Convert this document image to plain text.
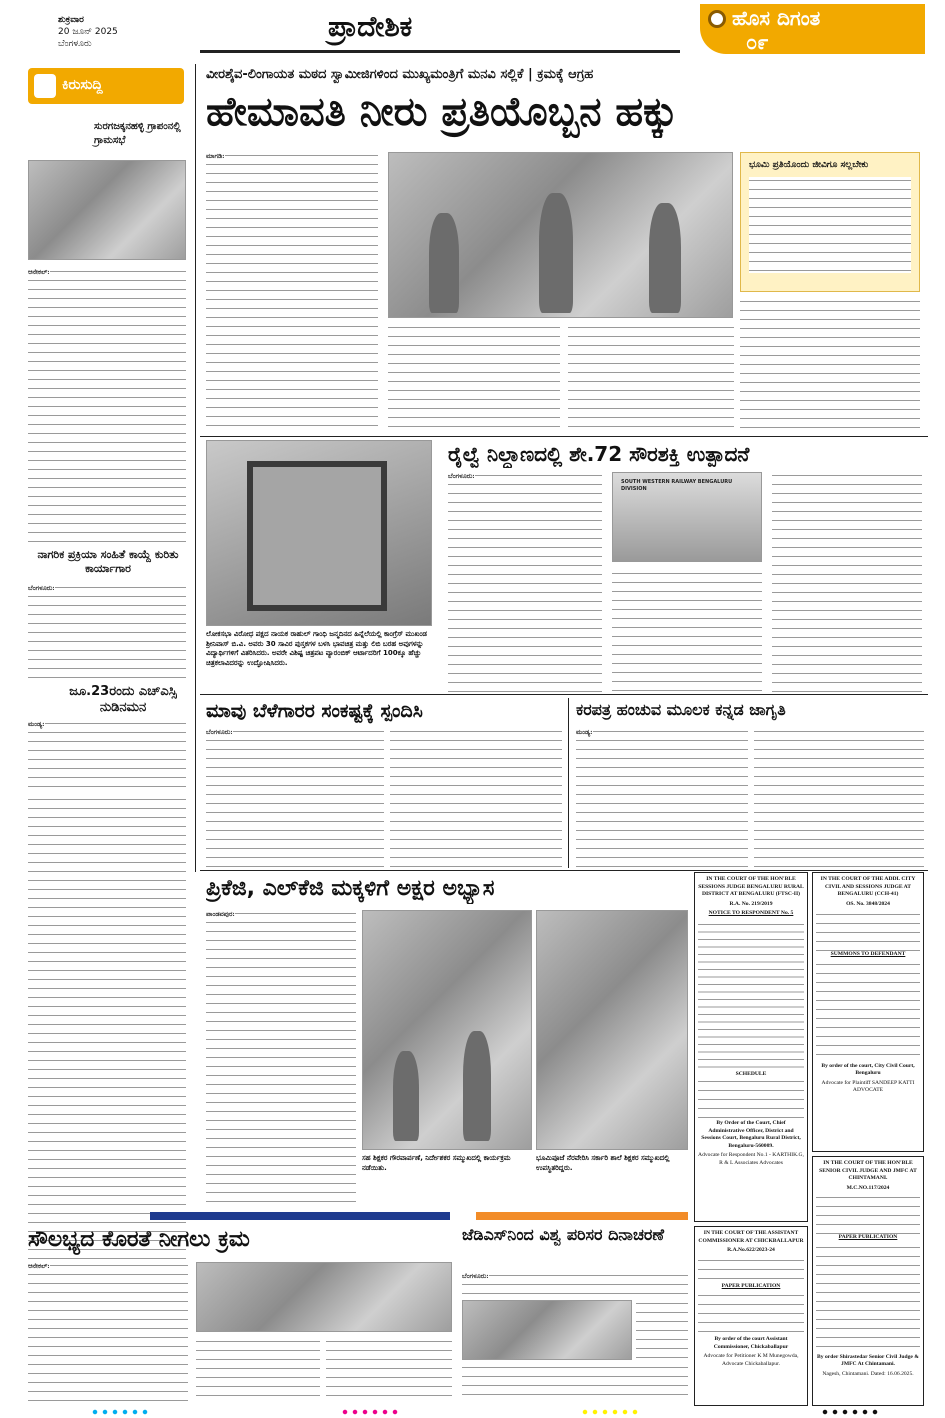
ಶುಕ್ರವಾರ
20 ಜೂನ್ 2025
ಬೆಂಗಳೂರು
ಪ್ರಾದೇಶಿಕ	ಹೊಸ ದಿಗಂತ
೦೯
ಕಿರುಸುದ್ದಿ
ಸುರಗಜಕ್ಕನಹಳ್ಳಿ ಗ್ರಾಪಂನಲ್ಲಿ ಗ್ರಾಮಸಭೆ
ಆನೇಕಲ್:
ನಾಗರಿಕ ಪ್ರಕ್ರಿಯಾ ಸಂಹಿತೆ ಕಾಯ್ದೆ ಕುರಿತು ಕಾರ್ಯಾಗಾರ
ಬೆಂಗಳೂರು:
ಜೂ.23ರಂದು ಎಚ್‌ಎಸ್ಸಿ ನುಡಿನಮನ
ಮಂಡ್ಯ:
ವೀರಶೈವ-ಲಿಂಗಾಯತ ಮಠದ ಸ್ವಾಮೀಜಿಗಳಿಂದ ಮುಖ್ಯಮಂತ್ರಿಗೆ ಮನವಿ ಸಲ್ಲಿಕೆ | ಕ್ರಮಕ್ಕೆ ಆಗ್ರಹ
ಹೇಮಾವತಿ ನೀರು ಪ್ರತಿಯೊಬ್ಬನ ಹಕ್ಕು
ಮಾಗಡಿ:
ಭೂಮಿ ಪ್ರತಿಯೊಂದು ಜೀವಿಗೂ ಸಲ್ಲಬೇಕು
ಲೋಕಸಭಾ ವಿರೋಧ ಪಕ್ಷದ ನಾಯಕ ರಾಹುಲ್ ಗಾಂಧಿ ಜನ್ಮದಿನದ ಹಿನ್ನೆಲೆಯಲ್ಲಿ ಕಾಂಗ್ರೆಸ್ ಮುಖಂಡ ಶ್ರೀನಿವಾಸ್ ಬಿ.ವಿ. ಅವರು 30 ಸಾವಿರ ಪುಸ್ತಕಗಳ ಬಳಸಿ ಭಾವಚಿತ್ರ ಮತ್ತು ಲಿಬಿ ಬರಹ ಅವುಗಳನ್ನು ವಿದ್ಯಾರ್ಥಿಗಳಿಗೆ ವಿತರಿಸಿದರು. ಅವರೇ ವಿಶಿಷ್ಟ ಚಿತ್ರಪಟ ವ್ಯಾರಂಬಿಕ್ ಆರ್ಟಾದರಿಗೆ 100ಕ್ಕೂ ಹೆಚ್ಚು ಚಿತ್ರಕಲಾವಿದರನ್ನು ಉದ್ಘೋಷಿಸಿದರು.
ರೈಲ್ವೆ ನಿಲ್ದಾಣದಲ್ಲಿ ಶೇ.72 ಸೌರಶಕ್ತಿ ಉತ್ಪಾದನೆ
ಬೆಂಗಳೂರು:
SOUTH WESTERN RAILWAY BENGALURU DIVISION
ಮಾವು ಬೆಳೆಗಾರರ ಸಂಕಷ್ಟಕ್ಕೆ ಸ್ಪಂದಿಸಿ
ಬೆಂಗಳೂರು:
ಕರಪತ್ರ ಹಂಚುವ ಮೂಲಕ ಕನ್ನಡ ಜಾಗೃತಿ
ಮಂಡ್ಯ:
ಪ್ರಿಕೆಜಿ, ಎಲ್‌ಕೆಜಿ ಮಕ್ಕಳಿಗೆ ಅಕ್ಷರ ಅಭ್ಯಾಸ
ಪಾಂಡವಪುರ:
ಸಹ ಶಿಕ್ಷಕರ ಗೌರವಾರ್ಪಣೆ, ನಿರ್ದೇಶಕರ ಸಮ್ಮುಖದಲ್ಲಿ ಕಾರ್ಯಕ್ರಮ ನಡೆಯಿತು.
ಭೂಮಿಪೂಜೆ ನೆರವೇರಿಸಿ ಸರ್ಕಾರಿ ಶಾಲೆ ಶಿಕ್ಷಕರ ಸಮ್ಮುಖದಲ್ಲಿ ಉಪಸ್ಥಿತರಿದ್ದರು.
IN THE COURT OF THE HON'BLE SESSIONS JUDGE BENGALURU RURAL DISTRICT AT BENGALURU (FTSC-II)
R.A. No. 219/2019
NOTICE TO RESPONDENT No. 5
SCHEDULE
By Order of the Court, Chief Administrative Officer, District and Sessions Court, Bengaluru Rural District, Bengaluru-560009.
Advocate for Respondent No.1 - KARTHIK.G, R & L Associates Advocates
IN THE COURT OF THE ADDL CITY CIVIL AND SESSIONS JUDGE AT BENGALURU (CCH-41)
OS. No. 3848/2024
SUMMONS TO DEFENDANT
By order of the court, City Civil Court, Bengaluru
Advocate for Plaintiff SANDEEP KATTI ADVOCATE
ಸೌಲಭ್ಯದ ಕೊರತೆ ನೀಗಲು ಕ್ರಮ
ಆನೇಕಲ್:
ಜೆಡಿಎಸ್‌ನಿಂದ ವಿಶ್ವ ಪರಿಸರ ದಿನಾಚರಣೆ
ಬೆಂಗಳೂರು:
IN THE COURT OF THE ASSISTANT COMMISSIONER AT CHICKBALLAPUR
R.A.No.622/2023-24
PAPER PUBLICATION
By order of the court Assistant Commissioner, Chickaballapur
Advocate for Petitioner K M Munegowda, Advocate Chickaballapur.
IN THE COURT OF THE HON'BLE SENIOR CIVIL JUDGE AND JMFC AT CHINTAMANI.
M.C.NO.117/2024
PAPER PUBLICATION
By order Shirastedar Senior Civil Judge & JMFC At Chintamani.
Nagesh, Chintamani. Dated: 16.06.2025.
